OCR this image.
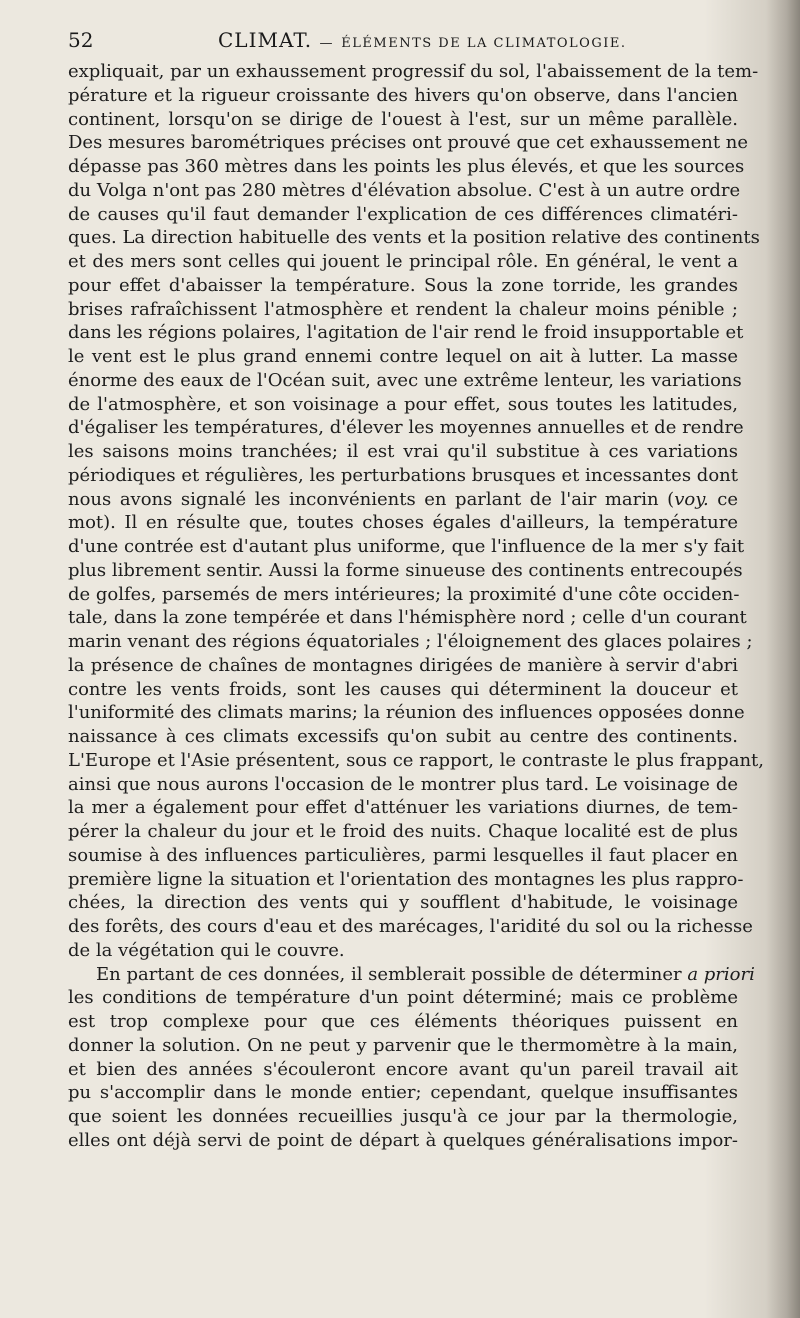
52	CLIMAT. — ÉLÉMENTS DE LA CLIMATOLOGIE.
expliquait, par un exhaussement progressif du sol, l'abaissement de la tem-
pérature et la rigueur croissante des hivers qu'on observe, dans l'ancien
continent, lorsqu'on se dirige de l'ouest à l'est, sur un même parallèle.
Des mesures barométriques précises ont prouvé que cet exhaussement ne
dépasse pas 360 mètres dans les points les plus élevés, et que les sources
du Volga n'ont pas 280 mètres d'élévation absolue. C'est à un autre ordre
de causes qu'il faut demander l'explication de ces différences climatéri-
ques. La direction habituelle des vents et la position relative des continents
et des mers sont celles qui jouent le principal rôle. En général, le vent a
pour effet d'abaisser la température. Sous la zone torride, les grandes
brises rafraîchissent l'atmosphère et rendent la chaleur moins pénible ;
dans les régions polaires, l'agitation de l'air rend le froid insupportable et
le vent est le plus grand ennemi contre lequel on ait à lutter. La masse
énorme des eaux de l'Océan suit, avec une extrême lenteur, les variations
de l'atmosphère, et son voisinage a pour effet, sous toutes les latitudes,
d'égaliser les températures, d'élever les moyennes annuelles et de rendre
les saisons moins tranchées; il est vrai qu'il substitue à ces variations
périodiques et régulières, les perturbations brusques et incessantes dont
nous avons signalé les inconvénients en parlant de l'air marin (voy. ce
mot). Il en résulte que, toutes choses égales d'ailleurs, la température
d'une contrée est d'autant plus uniforme, que l'influence de la mer s'y fait
plus librement sentir. Aussi la forme sinueuse des continents entrecoupés
de golfes, parsemés de mers intérieures; la proximité d'une côte occiden-
tale, dans la zone tempérée et dans l'hémisphère nord ; celle d'un courant
marin venant des régions équatoriales ; l'éloignement des glaces polaires ;
la présence de chaînes de montagnes dirigées de manière à servir d'abri
contre les vents froids, sont les causes qui déterminent la douceur et
l'uniformité des climats marins; la réunion des influences opposées donne
naissance à ces climats excessifs qu'on subit au centre des continents.
L'Europe et l'Asie présentent, sous ce rapport, le contraste le plus frappant,
ainsi que nous aurons l'occasion de le montrer plus tard. Le voisinage de
la mer a également pour effet d'atténuer les variations diurnes, de tem-
pérer la chaleur du jour et le froid des nuits. Chaque localité est de plus
soumise à des influences particulières, parmi lesquelles il faut placer en
première ligne la situation et l'orientation des montagnes les plus rappro-
chées, la direction des vents qui y soufflent d'habitude, le voisinage
des forêts, des cours d'eau et des marécages, l'aridité du sol ou la richesse
de la végétation qui le couvre.
En partant de ces données, il semblerait possible de déterminer a priori
les conditions de température d'un point déterminé; mais ce problème
est trop complexe pour que ces éléments théoriques puissent en
donner la solution. On ne peut y parvenir que le thermomètre à la main,
et bien des années s'écouleront encore avant qu'un pareil travail ait
pu s'accomplir dans le monde entier; cependant, quelque insuffisantes
que soient les données recueillies jusqu'à ce jour par la thermologie,
elles ont déjà servi de point de départ à quelques généralisations impor-
